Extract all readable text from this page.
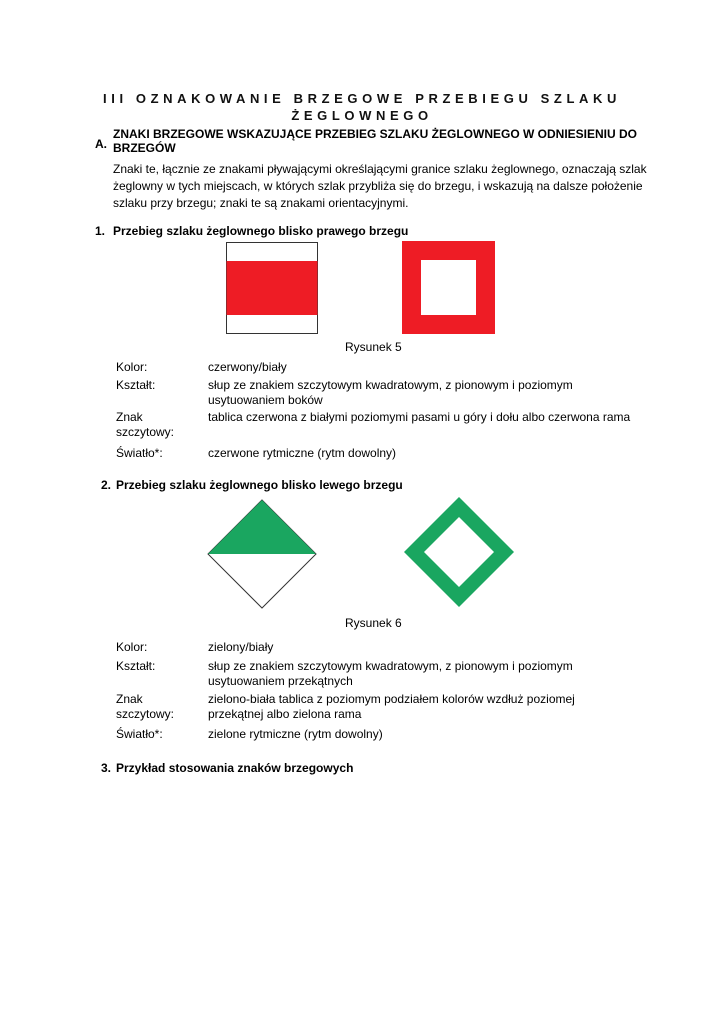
III OZNAKOWANIE BRZEGOWE PRZEBIEGU SZLAKU ŻEGLOWNEGO
A.
ZNAKI BRZEGOWE WSKAZUJĄCE PRZEBIEG SZLAKU ŻEGLOWNEGO W ODNIESIENIU DO BRZEGÓW
Znaki te, łącznie ze znakami pływającymi określającymi granice szlaku żeglownego, oznaczają szlak żeglowny w tych miejscach, w których szlak przybliża się do brzegu, i wskazują na dalsze położenie szlaku przy brzegu; znaki te są znakami orientacyjnymi.
1. Przebieg szlaku żeglownego blisko prawego brzegu
Rysunek 5
Kolor:	czerwony/biały
Kształt:	słup ze znakiem szczytowym kwadratowym, z pionowym i poziomym usytuowaniem boków
Znak szczytowy:
tablica czerwona z białymi poziomymi pasami u góry i dołu albo czerwona rama
Światło*:	czerwone rytmiczne (rytm dowolny)
2. Przebieg szlaku żeglownego blisko lewego brzegu
Rysunek 6
Kolor:	zielony/biały
Kształt:	słup ze znakiem szczytowym kwadratowym, z pionowym i poziomym usytuowaniem przekątnych
Znak szczytowy:
zielono-biała tablica z poziomym podziałem kolorów wzdłuż poziomej przekątnej albo zielona rama
Światło*:	zielone rytmiczne (rytm dowolny)
3. Przykład stosowania znaków brzegowych
